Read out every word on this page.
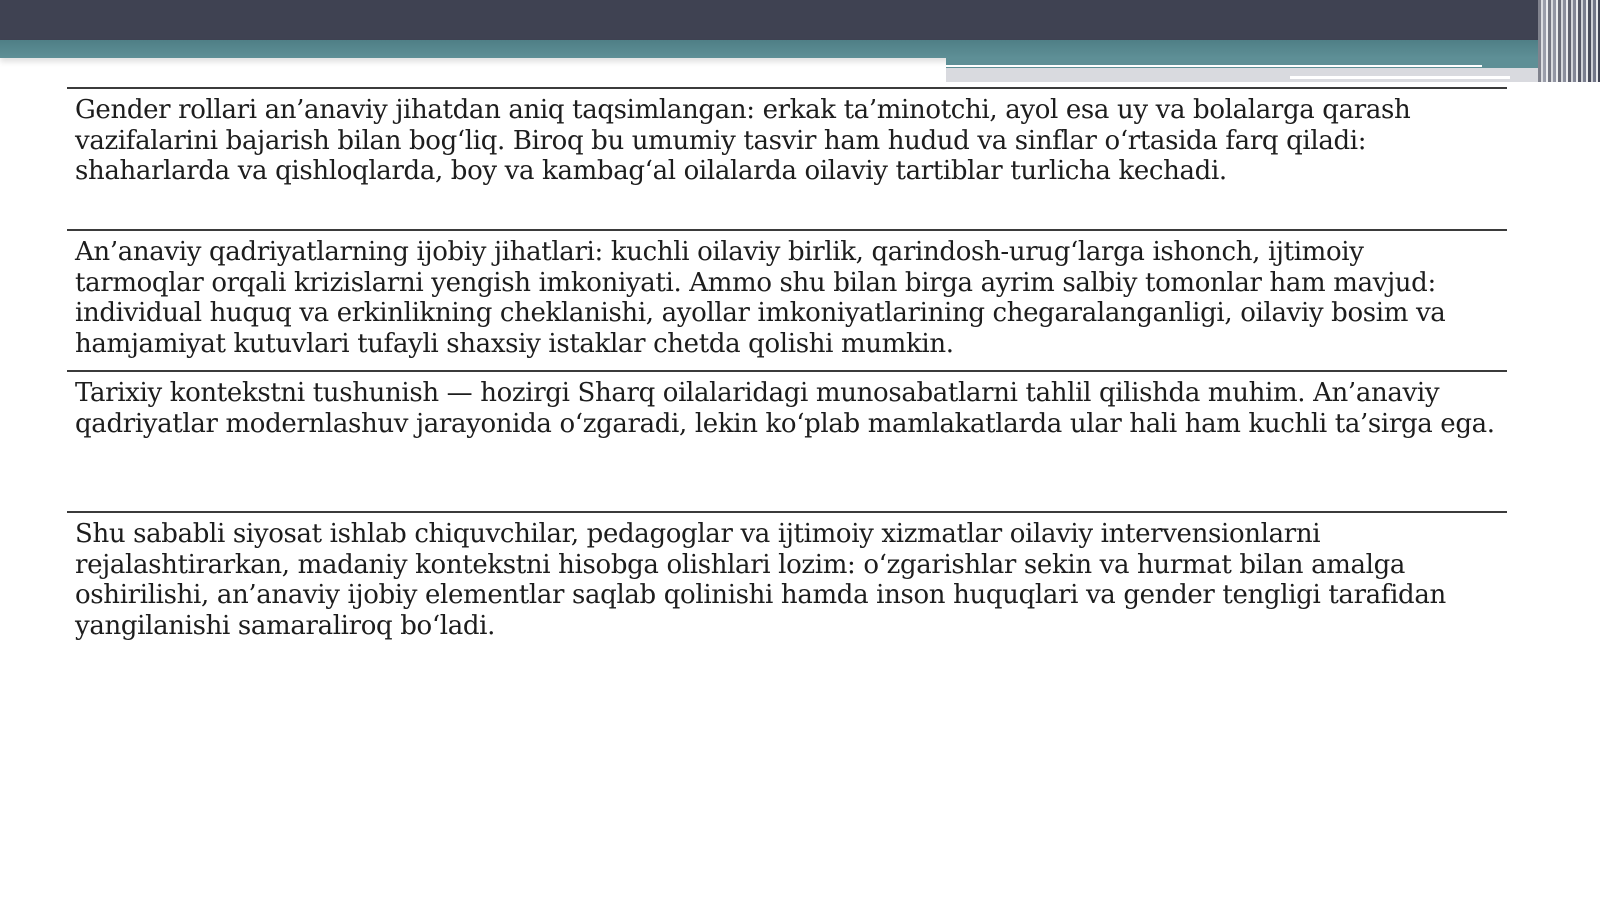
Gender rollari an’anaviy jihatdan aniq taqsimlangan: erkak ta’minotchi, ayol esa uy va bolalarga qarash vazifalarini bajarish bilan bog‘liq. Biroq bu umumiy tasvir ham hudud va sinflar o‘rtasida farq qiladi: shaharlarda va qishloqlarda, boy va kambag‘al oilalarda oilaviy tartiblar turlicha kechadi.

An’anaviy qadriyatlarning ijobiy jihatlari: kuchli oilaviy birlik, qarindosh-urug‘larga ishonch, ijtimoiy tarmoqlar orqali krizislarni yengish imkoniyati. Ammo shu bilan birga ayrim salbiy tomonlar ham mavjud: individual huquq va erkinlikning cheklanishi, ayollar imkoniyatlarining chegaralanganligi, oilaviy bosim va hamjamiyat kutuvlari tufayli shaxsiy istaklar chetda qolishi mumkin.

Tarixiy kontekstni tushunish — hozirgi Sharq oilalaridagi munosabatlarni tahlil qilishda muhim. An’anaviy qadriyatlar modernlashuv jarayonida o‘zgaradi, lekin ko‘plab mamlakatlarda ular hali ham kuchli ta’sirga ega.

Shu sababli siyosat ishlab chiquvchilar, pedagoglar va ijtimoiy xizmatlar oilaviy intervensionlarni rejalashtirarkan, madaniy kontekstni hisobga olishlari lozim: o‘zgarishlar sekin va hurmat bilan amalga oshirilishi, an’anaviy ijobiy elementlar saqlab qolinishi hamda inson huquqlari va gender tengligi tarafidan yangilanishi samaraliroq bo‘ladi.
